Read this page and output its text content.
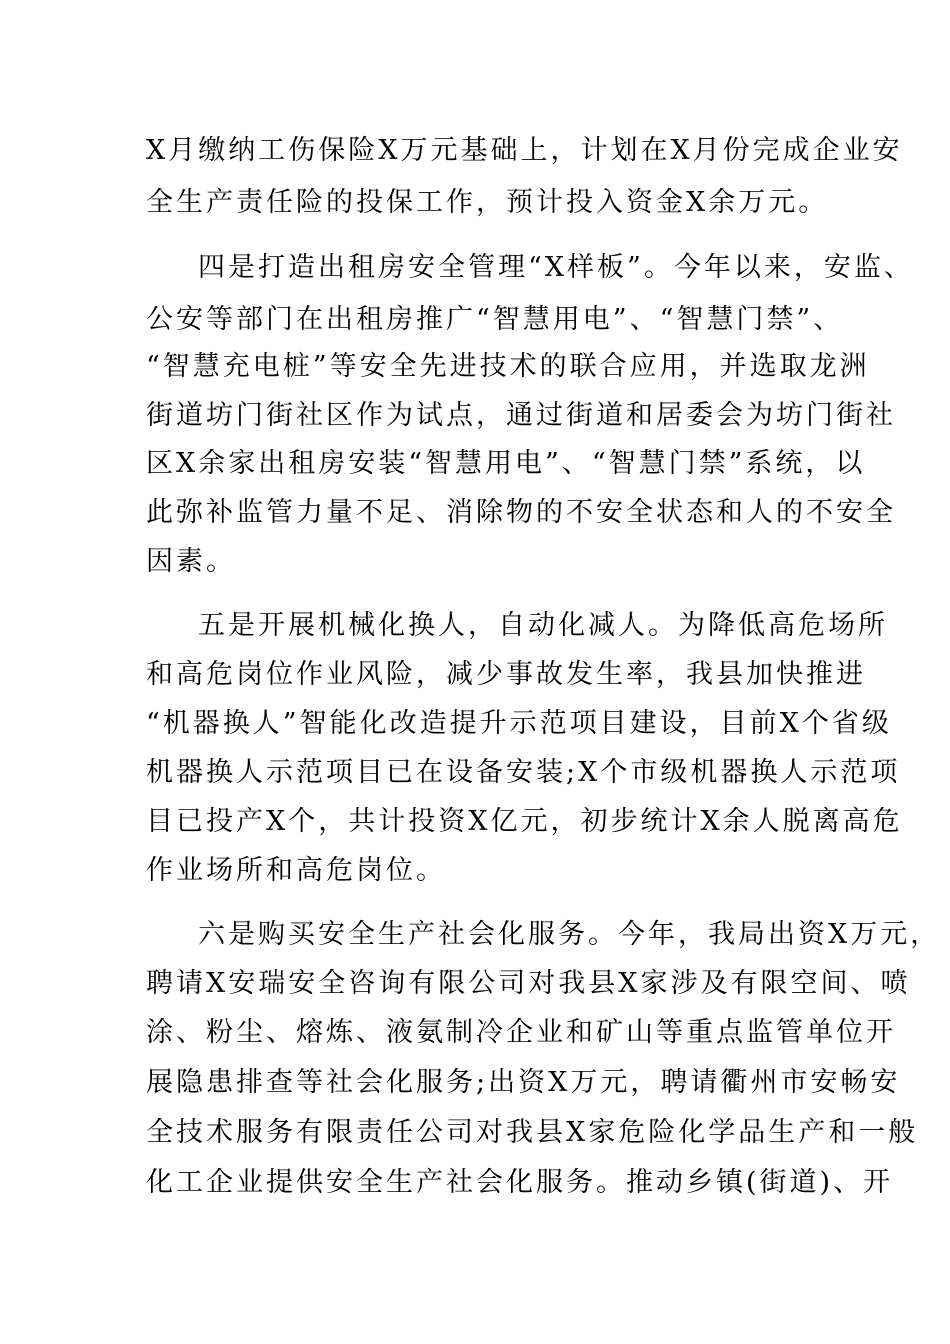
X月缴纳工伤保险X万元基础上，计划在X月份完成企业安
全生产责任险的投保工作，预计投入资金X余万元。
四是打造出租房安全管理“X样板”。今年以来，安监、
公安等部门在出租房推广“智慧用电”、“智慧门禁”、
“智慧充电桩”等安全先进技术的联合应用，并选取龙洲
街道坊门街社区作为试点，通过街道和居委会为坊门街社
区X余家出租房安装“智慧用电”、“智慧门禁”系统，以
此弥补监管力量不足、消除物的不安全状态和人的不安全
因素。
五是开展机械化换人，自动化减人。为降低高危场所
和高危岗位作业风险，减少事故发生率，我县加快推进
“机器换人”智能化改造提升示范项目建设，目前X个省级
机器换人示范项目已在设备安装;X个市级机器换人示范项
目已投产X个，共计投资X亿元，初步统计X余人脱离高危
作业场所和高危岗位。
六是购买安全生产社会化服务。今年，我局出资X万元，
聘请X安瑞安全咨询有限公司对我县X家涉及有限空间、喷
涂、粉尘、熔炼、液氨制冷企业和矿山等重点监管单位开
展隐患排查等社会化服务;出资X万元，聘请衢州市安畅安
全技术服务有限责任公司对我县X家危险化学品生产和一般
化工企业提供安全生产社会化服务。推动乡镇(街道)、开
